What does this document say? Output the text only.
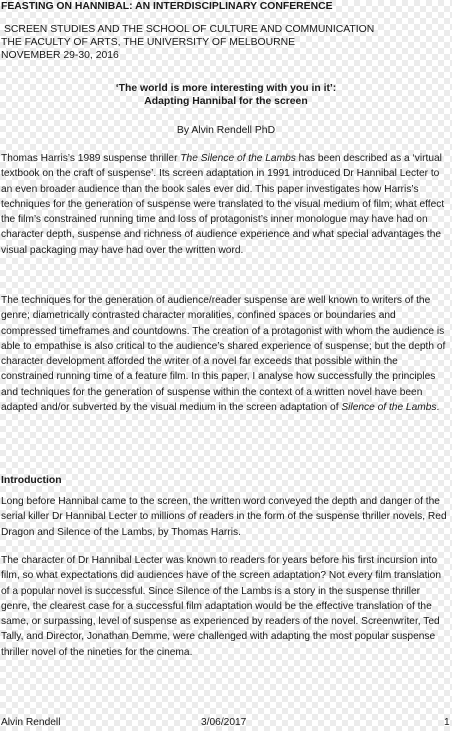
FEASTING ON HANNIBAL: AN INTERDISCIPLINARY CONFERENCE
SCREEN STUDIES AND THE SCHOOL OF CULTURE AND COMMUNICATION
THE FACULTY OF ARTS, THE UNIVERSITY OF MELBOURNE
NOVEMBER 29-30, 2016
‘The world is more interesting with you in it’:
Adapting Hannibal for the screen
By Alvin Rendell PhD

Thomas Harris’s 1989 suspense thriller The Silence of the Lambs has been described as a ‘virtual textbook on the craft of suspense’. Its screen adaptation in 1991 introduced Dr Hannibal Lecter to an even broader audience than the book sales ever did. This paper investigates how Harris’s techniques for the generation of suspense were translated to the visual medium of film; what effect the film’s constrained running time and loss of protagonist’s inner monologue may have had on character depth, suspense and richness of audience experience and what special advantages the visual packaging may have had over the written word.

The techniques for the generation of audience/reader suspense are well known to writers of the genre; diametrically contrasted character moralities, confined spaces or boundaries and compressed timeframes and countdowns. The creation of a protagonist with whom the audience is able to empathise is also critical to the audience’s shared experience of suspense; but the depth of character development afforded the writer of a novel far exceeds that possible within the constrained running time of a feature film. In this paper, I analyse how successfully the principles and techniques for the generation of suspense within the context of a written novel have been adapted and/or subverted by the visual medium in the screen adaptation of Silence of the Lambs.

Introduction

Long before Hannibal came to the screen, the written word conveyed the depth and danger of the serial killer Dr Hannibal Lecter to millions of readers in the form of the suspense thriller novels, Red Dragon and Silence of the Lambs, by Thomas Harris.

The character of Dr Hannibal Lecter was known to readers for years before his first incursion into film, so what expectations did audiences have of the screen adaptation? Not every film translation of a popular novel is successful. Since Silence of the Lambs is a story in the suspense thriller genre, the clearest case for a successful film adaptation would be the effective translation of the same, or surpassing, level of suspense as experienced by readers of the novel. Screenwriter, Ted Tally, and Director, Jonathan Demme, were challenged with adapting the most popular suspense thriller novel of the nineties for the cinema.

Alvin Rendell	3/06/2017	1
